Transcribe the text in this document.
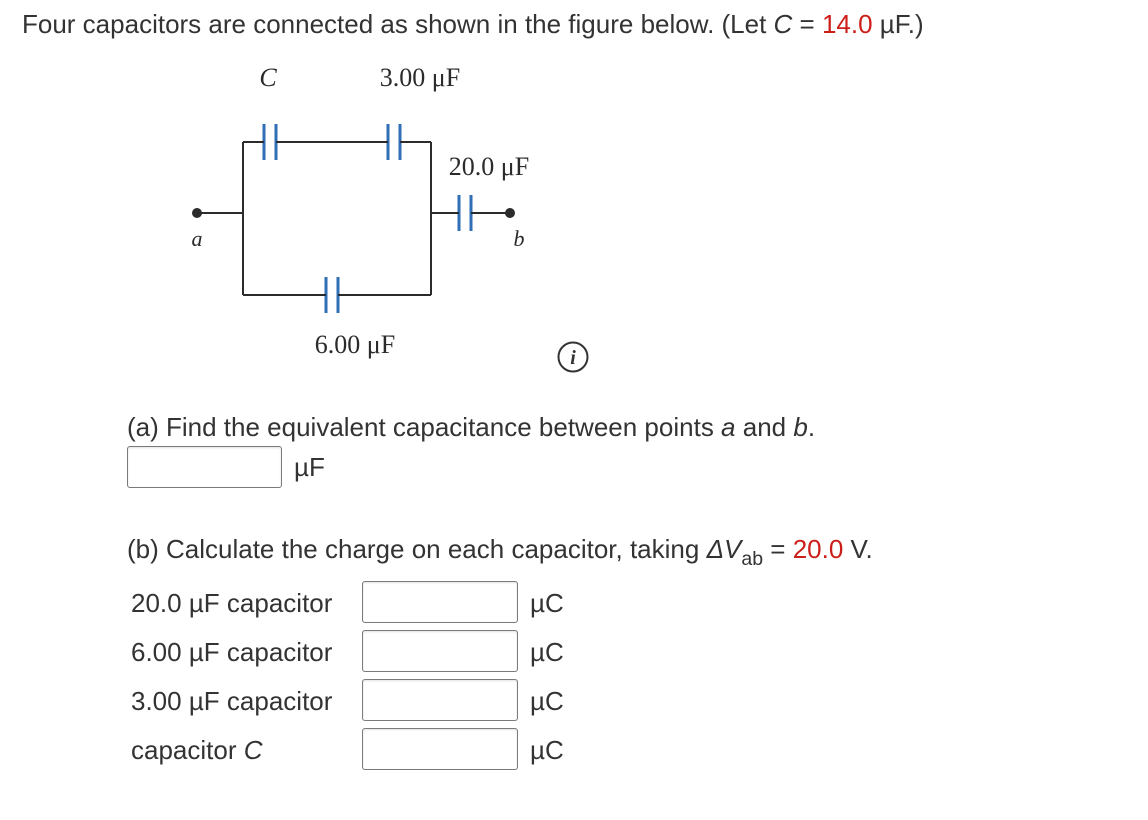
Four capacitors are connected as shown in the figure below. (Let C = 14.0 µF.)
C	3.00 μF
20.0 μF
6.00 μF
a	b
i
(a) Find the equivalent capacitance between points a and b.
µF
(b) Calculate the charge on each capacitor, taking $\Delta V_{ab} = 20.0$ V.
20.0 µF capacitor	µC
6.00 µF capacitor	µC
3.00 µF capacitor	µC
capacitor C	µC
